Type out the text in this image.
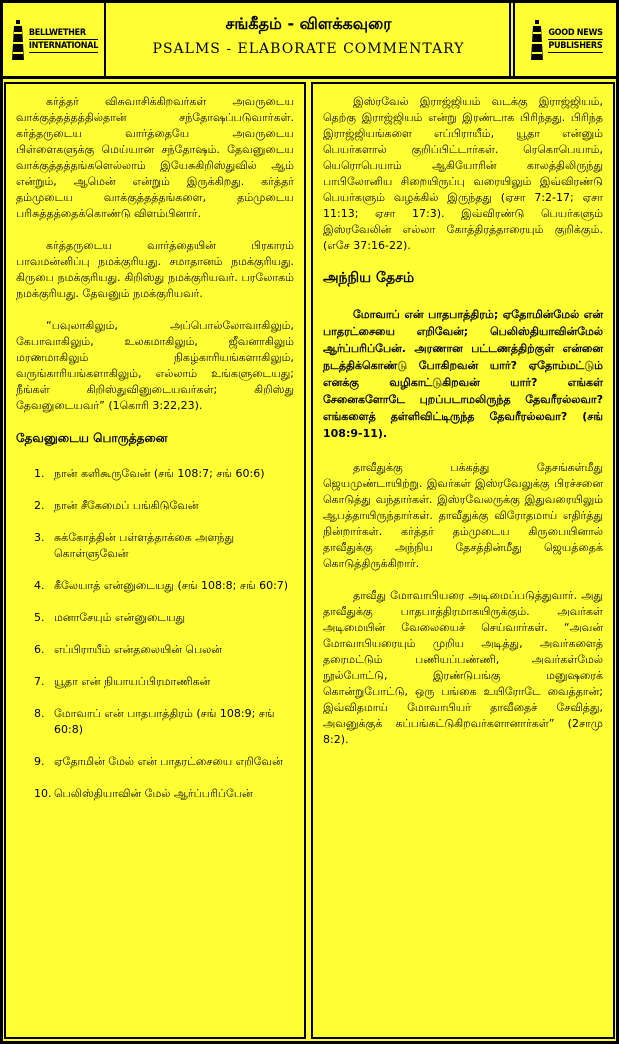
BELLWETHER
INTERNATIONAL
சங்கீதம் - விளக்கவுரை
PSALMS - ELABORATE COMMENTARY
GOOD NEWS
PUBLISHERS

கர்த்தர் விசுவாசிக்கிறவர்கள் அவருடைய வாக்குத்தத்தத்தில்தான் சந்தோஷப்படுவார்கள். கர்த்தருடைய வார்த்தையே அவருடைய பிள்ளைகளுக்கு மெய்யான சந்தோஷம். தேவனுடைய வாக்குத்தத்தங்களெல்லாம் இயேசுகிறிஸ்துவில் ஆம் என்றும், ஆமென் என்றும் இருக்கிறது. கர்த்தர் தம்முடைய வாக்குத்தத்தங்களை, தம்முடைய பரிசுத்தத்தைக்கொண்டு விளம்பினார்.

கர்த்தருடைய வார்த்தையின் பிரகாரம் பாவமன்னிப்பு நமக்குரியது. சமாதானம் நமக்குரியது. கிருபை நமக்குரியது. கிறிஸ்து நமக்குரியவர். பரலோகம் நமக்குரியது. தேவனும் நமக்குரியவர்.

“பவுலாகிலும், அப்பொல்லோவாகிலும், கேபாவாகிலும், உலகமாகிலும், ஜீவனாகிலும் மரணமாகிலும் நிகழ்காரியங்களாகிலும், வருங்காரியங்களாகிலும், எல்லாம் உங்களுடையது; நீங்கள் கிறிஸ்துவினுடையவர்கள்; கிறிஸ்து தேவனுடையவர்” (1கொரி 3:22,23).

தேவனுடைய பொருத்தனை
1. நான் களிகூருவேன் (சங் 108:7; சங் 60:6)
2. நான் சீகேமைப் பங்கிடுவேன்
3. சுக்கோத்தின் பள்ளத்தாக்கை அளந்து கொள்ளுவேன்
4. கீலேயாத் என்னுடையது (சங் 108:8; சங் 60:7)
5. மனாசேயும் என்னுடையது
6. எப்பிராயீம் என்தலையின் பெலன்
7. யூதா என் நியாயப்பிரமாணிகன்
8. மோவாப் என் பாதபாத்திரம் (சங் 108:9; சங் 60:8)
9. ஏதோமின் மேல் என் பாதரட்சையை எறிவேன்
10. பெலிஸ்தியாவின் மேல் ஆர்ப்பரிப்பேன்

இஸ்ரவேல் இராஜ்ஜியம் வடக்கு இராஜ்ஜியம், தெற்கு இராஜ்ஜியம் என்று இரண்டாக பிரிந்தது. பிரிந்த இராஜ்ஜியங்களை எப்பிராயீம், யூதா என்னும் பெயர்களால் குறிப்பிட்டார்கள். ரெகொபெயாம், யெரொபெயாம் ஆகியோரின் காலத்திலிருந்து பாபிலோனிய சிறையிருப்பு வரையிலும் இவ்விரண்டு பெயர்களும் வழக்கில் இருந்தது (ஏசா 7:2-17; ஏசா 11:13; ஏசா 17:3). இவ்விரண்டு பெயர்களும் இஸ்ரவேலின் எல்லா கோத்திரத்தாரையும் குறிக்கும். (எசே 37:16-22).

அந்நிய தேசம்

மோவாப் என் பாதபாத்திரம்; ஏதோமின்மேல் என் பாதரட்சையை எறிவேன்; பெலிஸ்தியாவின்மேல் ஆர்ப்பரிப்பேன். அரணான பட்டணத்திற்குள் என்னை நடத்திக்கொண்டு போகிறவன் யார்? ஏதோம்மட்டும் எனக்கு வழிகாட்டுகிறவன் யார்? எங்கள் சேனைகளோடே புறப்படாமலிருந்த தேவரீரல்லவா? எங்களைத் தள்ளிவிட்டிருந்த தேவரீரல்லவா? (சங் 108:9-11).

தாவீதுக்கு பக்கத்து தேசங்கள்மீது ஜெயமுண்டாயிற்று. இவர்கள் இஸ்ரவேலுக்கு பிரச்சனை கொடுத்து வந்தார்கள். இஸ்ரவேலருக்கு இதுவரையிலும் ஆபத்தாயிருந்தார்கள். தாவீதுக்கு விரோதமாய் எதிர்த்து நின்றார்கள். கர்த்தர் தம்முடைய கிருபையினால் தாவீதுக்கு அந்நிய தேசத்தின்மீது ஜெயத்தைக் கொடுத்திருக்கிறார்.

தாவீது மோவாபியரை அடிமைப்படுத்துவார். அது தாவீதுக்கு பாதபாத்திரமாகயிருக்கும். அவர்கள் அடிமையின் வேலையைச் செய்வார்கள். “அவன் மோவாபியரையும் முறிய அடித்து, அவர்களைத் தரைமட்டும் பணியப்பண்ணி, அவர்கள்மேல் நூல்போட்டு, இரண்டுபங்கு மனுஷரைக் கொன்றுபோட்டு, ஒரு பங்கை உயிரோடே வைத்தான்; இவ்விதமாய் மோவாபியர் தாவீதைச் சேவித்து, அவனுக்குக் கப்பங்கட்டுகிறவர்களானார்கள்” (2சாமு 8:2).
